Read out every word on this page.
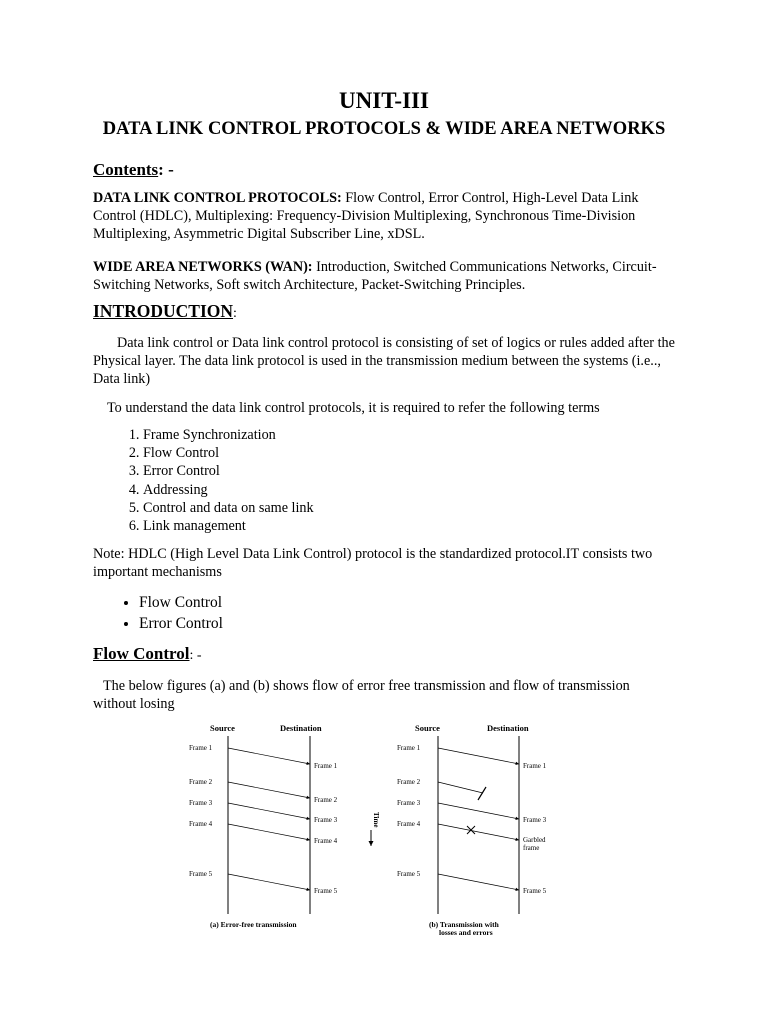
UNIT-III
DATA LINK CONTROL PROTOCOLS & WIDE AREA NETWORKS
Contents: -
DATA LINK CONTROL PROTOCOLS: Flow Control, Error Control, High-Level Data Link Control (HDLC), Multiplexing: Frequency-Division Multiplexing, Synchronous Time-Division Multiplexing, Asymmetric Digital Subscriber Line, xDSL.
WIDE AREA NETWORKS (WAN): Introduction, Switched Communications Networks, Circuit-Switching Networks, Soft switch Architecture, Packet-Switching Principles.
INTRODUCTION:
Data link control or Data link control protocol is consisting of set of logics or rules added after the Physical layer. The data link protocol is used in the transmission medium between the systems (i.e.., Data link)
To understand the data link control protocols, it is required to refer the following terms
1. Frame Synchronization
2. Flow Control
3. Error Control
4. Addressing
5. Control and data on same link
6. Link management
Note: HDLC (High Level Data Link Control) protocol is the standardized protocol.IT consists two important mechanisms
• Flow Control
• Error Control
Flow Control: -
The below figures (a) and (b) shows flow of error free transmission and flow of transmission without losing
Source	Destination
Frame 1
Frame 1
Frame 2
Frame 2
Frame 3
Frame 3
Frame 4
Frame 4
Frame 5
Frame 5
(a) Error-free transmission
Time
Source	Destination
Frame 1
Frame 1
Frame 2
Frame 3
Frame 3
Frame 4
Garbled
frame
Frame 5
Frame 5
(b) Transmission with
losses and errors
